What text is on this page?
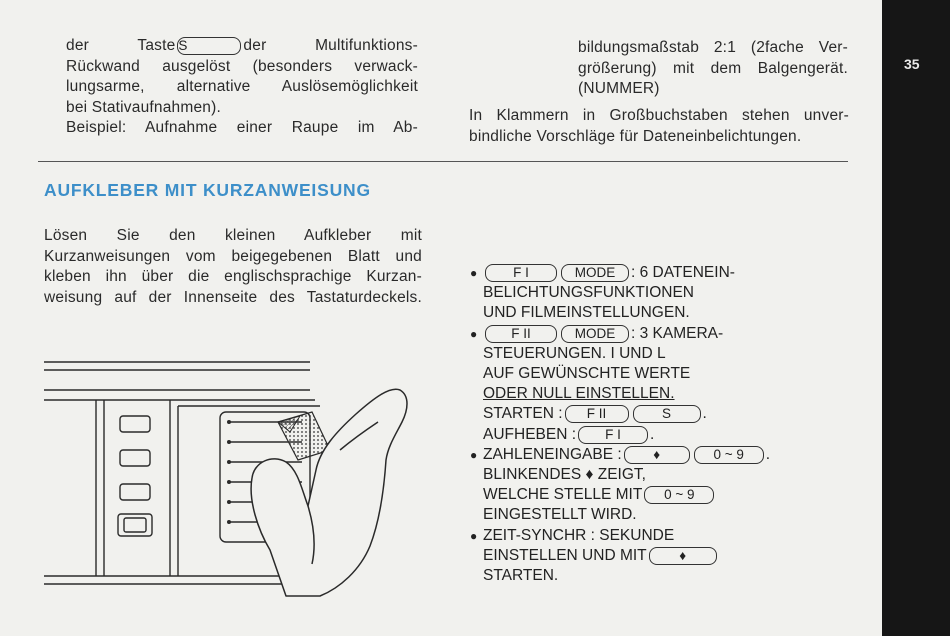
35
der Taste S	der Multifunktions-
Rückwand ausgelöst (besonders verwack-
lungsarme, alternative Auslösemöglichkeit
bei Stativaufnahmen).
Beispiel: Aufnahme einer Raupe im Ab-
bildungsmaßstab 2:1 (2fache Ver-
größerung) mit dem Balgengerät.
(NUMMER)
In Klammern in Großbuchstaben stehen unver-
bindliche Vorschläge für Dateneinbelichtungen.
AUFKLEBER MIT KURZANWEISUNG
Lösen Sie den kleinen Aufkleber mit
Kurzanweisungen vom beigegebenen Blatt und
kleben ihn über die englischsprachige Kurzan-
weisung auf der Innenseite des Tastaturdeckels.
●	F I	MODE : 6 DATENEIN-
BELICHTUNGSFUNKTIONEN
UND FILMEINSTELLUNGEN.
●	F II	MODE : 3 KAMERA-
STEUERUNGEN. I UND L
AUF GEWÜNSCHTE WERTE
ODER NULL EINSTELLEN.
STARTEN : F II	S .
AUFHEBEN : F I .
● ZAHLENEINGABE : ♦	0 ~ 9 .
BLINKENDES ♦ ZEIGT,
WELCHE STELLE MIT 0 ~ 9
EINGESTELLT WIRD.
● ZEIT-SYNCHR : SEKUNDE
EINSTELLEN UND MIT ♦
STARTEN.
